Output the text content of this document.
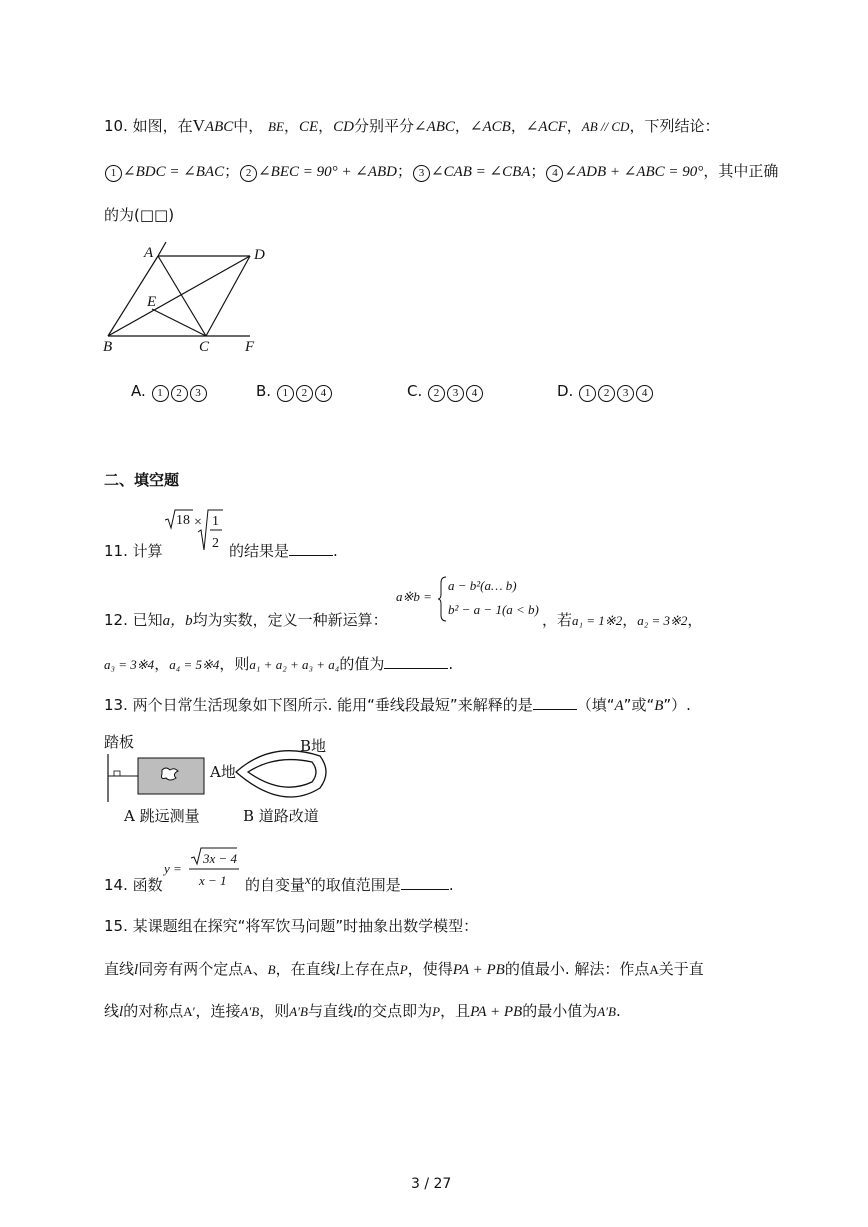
10. 如图，在VABC中， BE，CE，CD分别平分∠ABC，∠ACB，∠ACF，AB // CD，下列结论：
1 ∠BDC = ∠BAC； 2 ∠BEC = 90° + ∠ABD； 3 ∠CAB = ∠CBA； 4 ∠ADB + ∠ABC = 90°，其中正确
的为(□□)
A	D
E
B	C F
A. 1 2 3	B. 1 2 4	C. 2 3 4	D. 1 2 3 4
二、填空题
11. 计算
18 × 1
2 的结果是	.
12. 已知a，b均为实数，定义一种新运算：
a※b =
a − b²(a… b)
b² − a − 1(a < b)
，若a₁ = 1※2，a₂ = 3※2，
a₃ = 3※4，a₄ = 5※4，则a₁ + a₂ + a₃ + a₄的值为	.
13. 两个日常生活现象如下图所示. 能用“垂线段最短”来解释的是	（填“A”或“B”）.
踏板
A地
B地
A 跳远测量	B 道路改道
14. 函数
y =
3x − 4
x − 1 的自变量x的取值范围是	.
15. 某课题组在探究“将军饮马问题”时抽象出数学模型：
直线l同旁有两个定点A、B，在直线l上存在点P，使得PA + PB的值最小. 解法：作点A关于直
线l的对称点A′，连接A′B，则A′B与直线l的交点即为P，且PA + PB的最小值为A′B.
3 / 27
